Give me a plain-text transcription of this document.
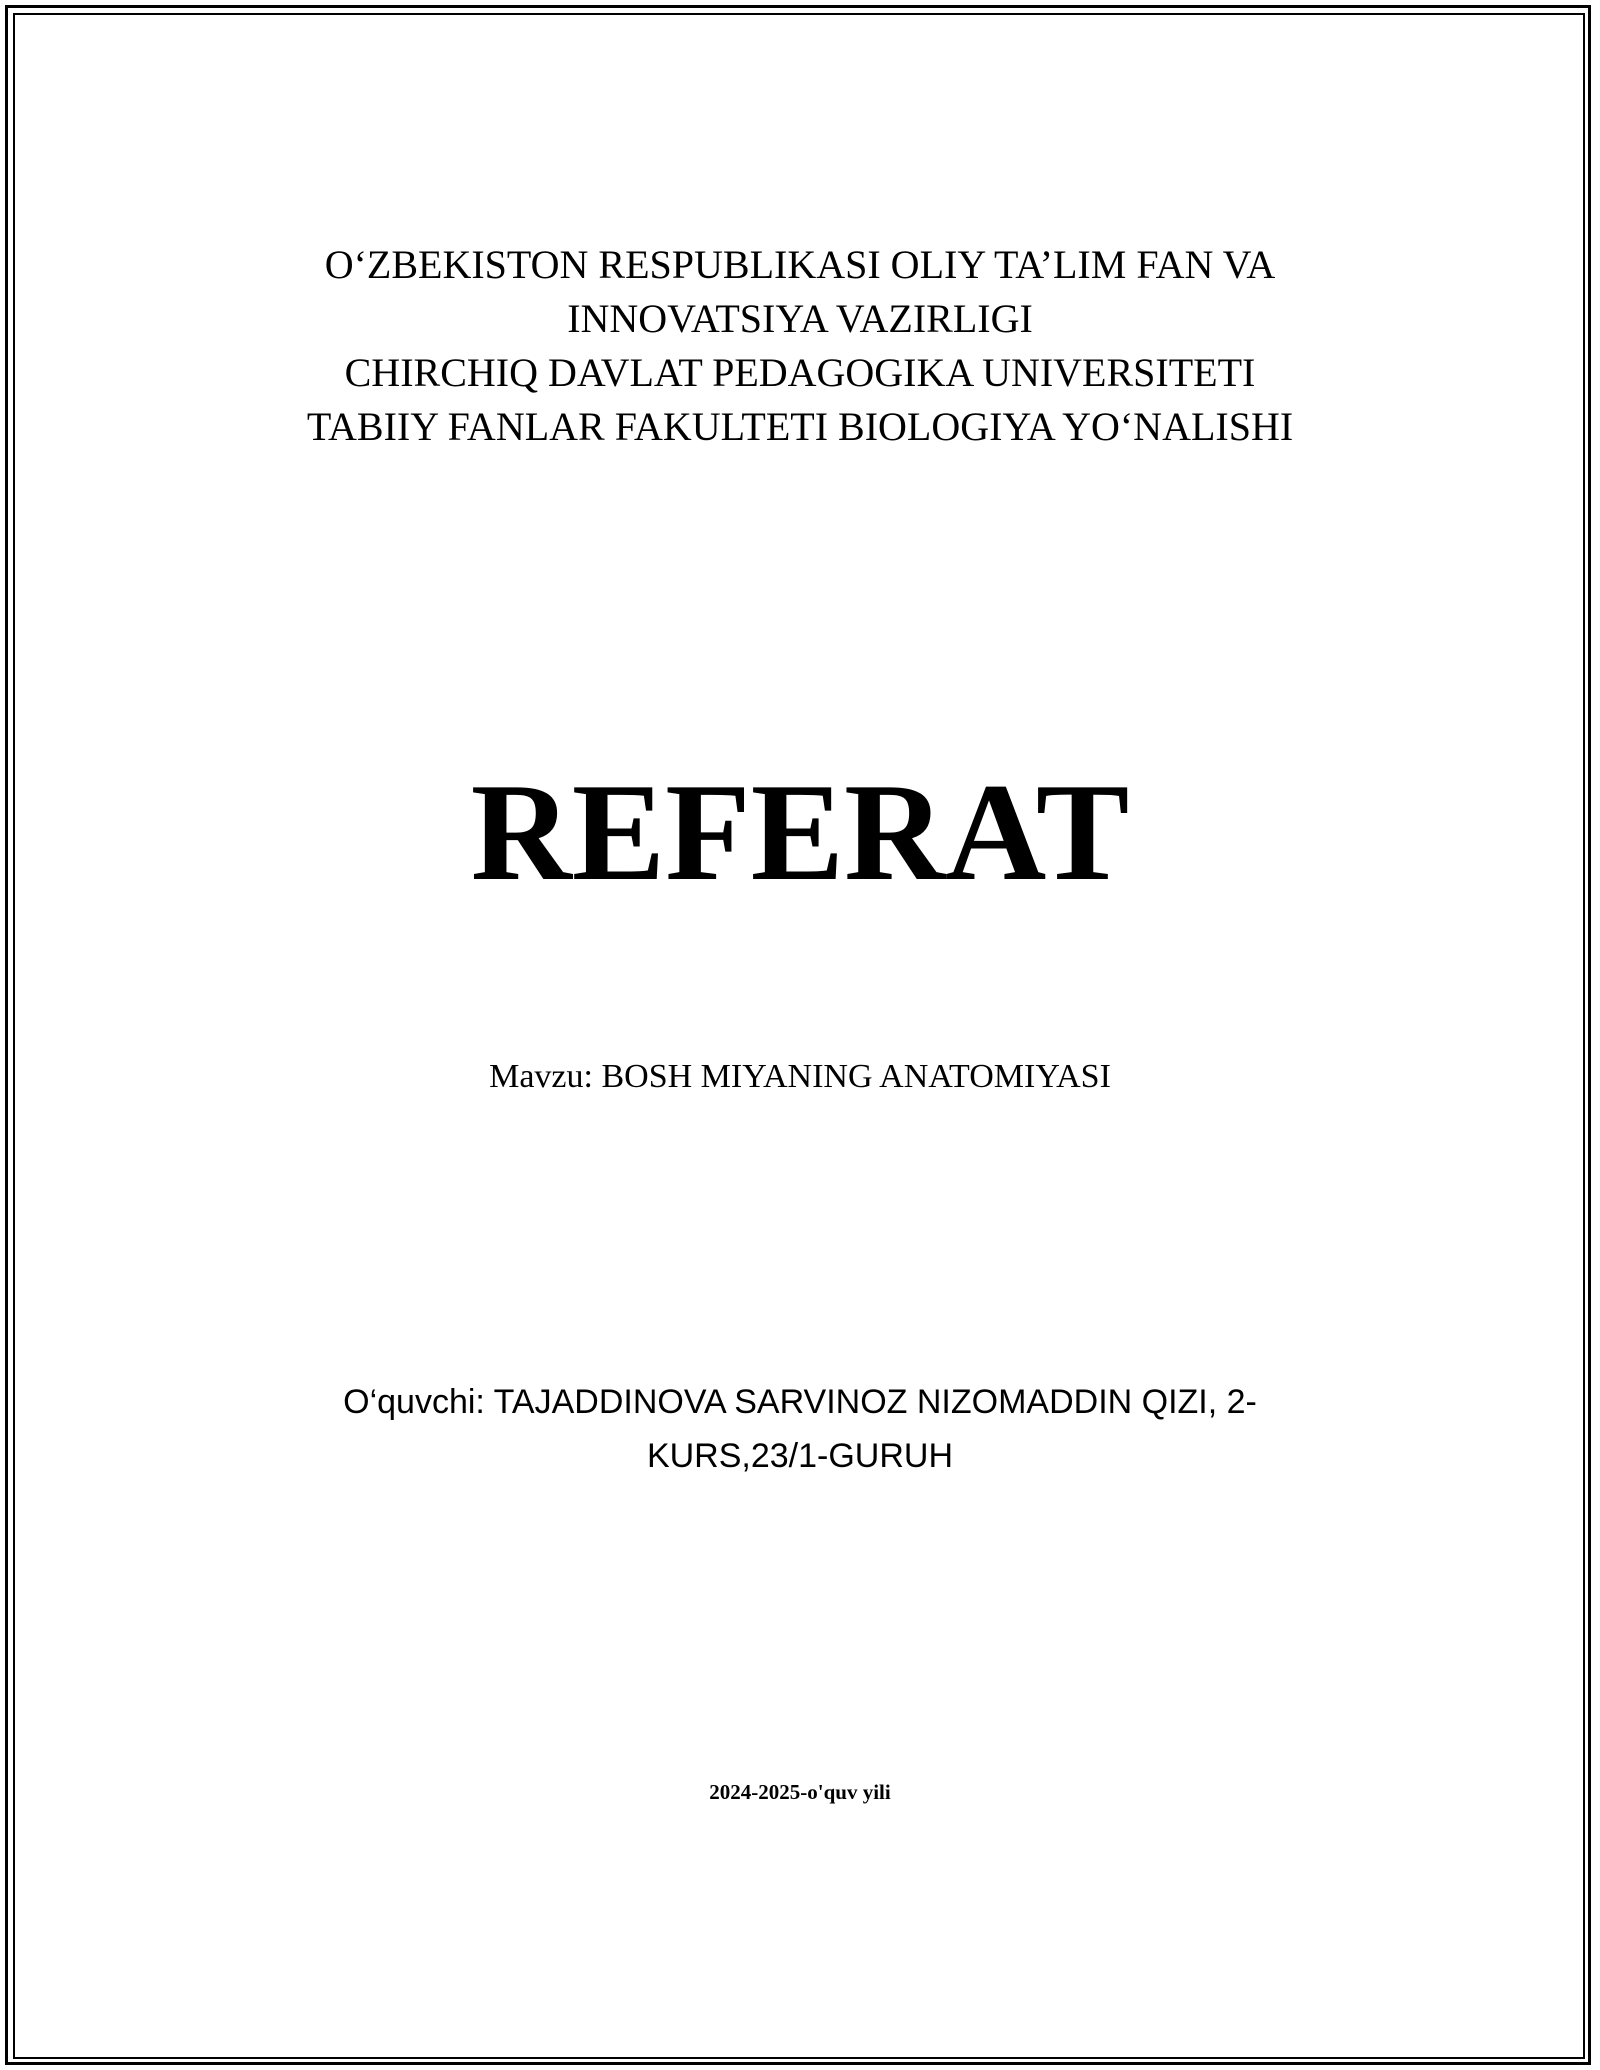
O‘ZBEKISTON RESPUBLIKASI OLIY TA’LIM FAN VA
INNOVATSIYA VAZIRLIGI
CHIRCHIQ DAVLAT PEDAGOGIKA UNIVERSITETI
TABIIY FANLAR FAKULTETI BIOLOGIYA YO‘NALISHI
REFERAT
Mavzu: BOSH MIYANING ANATOMIYASI
O‘quvchi: TAJADDINOVA SARVINOZ NIZOMADDIN QIZI, 2-
KURS,23/1-GURUH
2024-2025-o'quv yili
